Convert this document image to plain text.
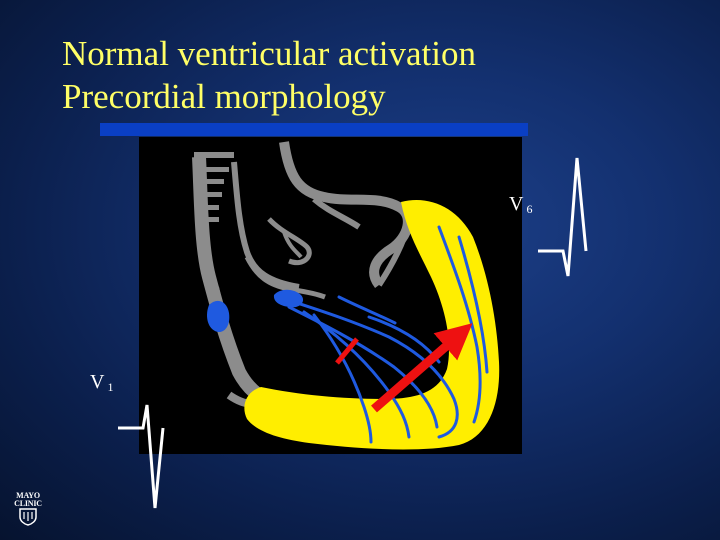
Normal ventricular activation
Precordial morphology
V $_6$
V $_1$
MAYO
CLINIC
